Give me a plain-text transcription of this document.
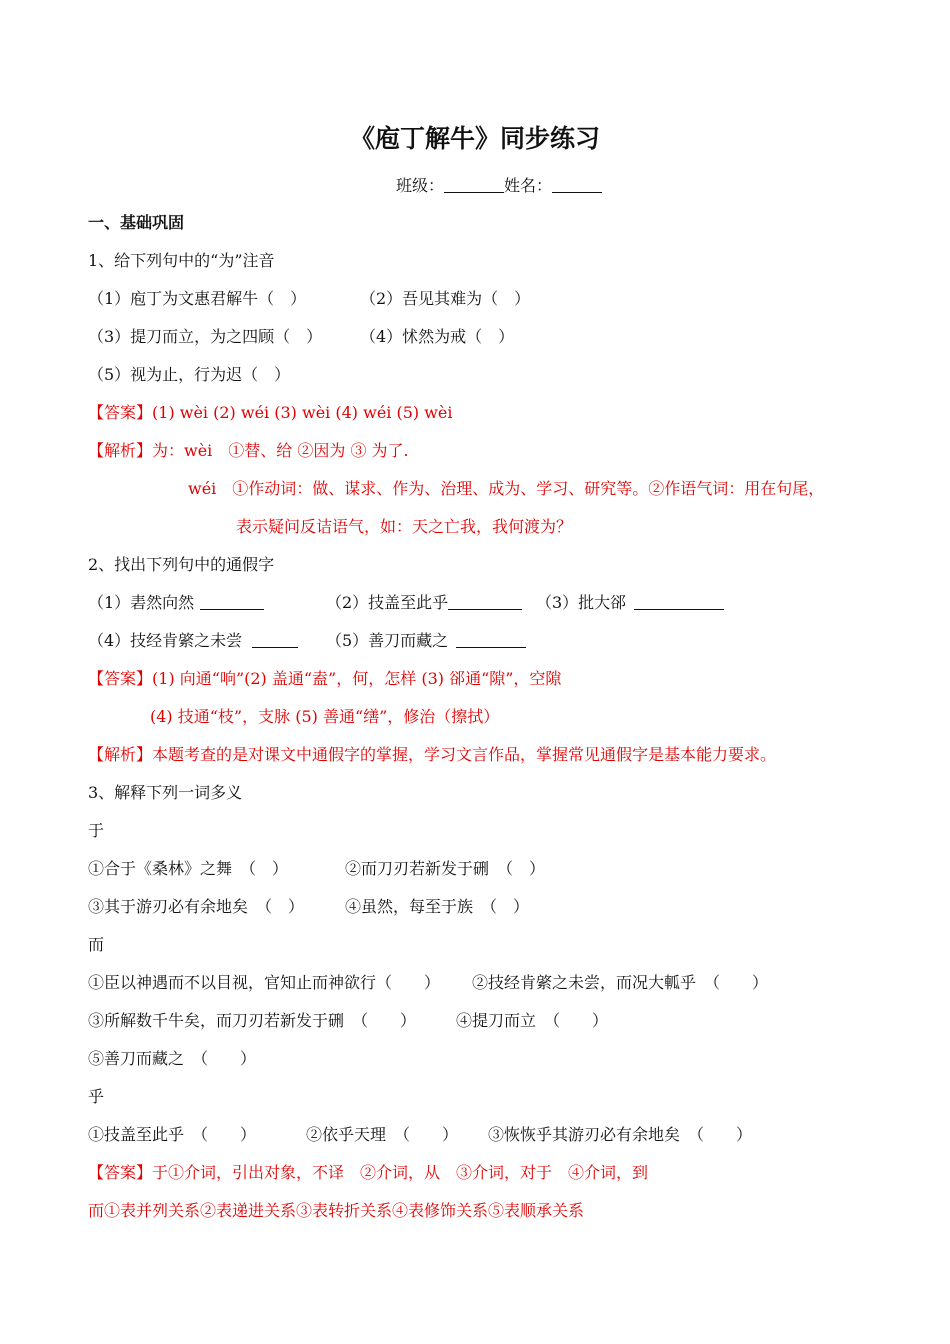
《庖丁解牛》同步练习
班级：	姓名：
一、基础巩固
1、给下列句中的“为”注音
（1）庖丁为文惠君解牛（　）	（2）吾见其难为（　）
（3）提刀而立，为之四顾（　） （4）怵然为戒（　）
（5）视为止，行为迟（　）
【答案】(1) wèi (2) wéi (3) wèi (4) wéi (5) wèi
【解析】为：wèi　①替、给 ②因为 ③ 为了.
wéi　①作动词：做、谋求、作为、治理、成为、学习、研究等。②作语气词：用在句尾，
表示疑问反诘语气，如：天之亡我，我何渡为？
2、找出下列句中的通假字
（1）砉然向然	（2）技盖至此乎	（3）批大郤
（4）技经肯綮之未尝	（5）善刀而藏之
【答案】(1) 向通“响”(2) 盖通“盍”，何，怎样 (3) 郤通“隙”，空隙
(4) 技通“枝”，支脉 (5) 善通“缮”，修治（擦拭）
【解析】本题考查的是对课文中通假字的掌握，学习文言作品，掌握常见通假字是基本能力要求。
3、解释下列一词多义
于
①合于《桑林》之舞　（　）	②而刀刃若新发于硎　（　）
③其于游刃必有余地矣　（　）	④虽然，每至于族　（　）
而
①臣以神遇而不以目视，官知止而神欲行（　　） ②技经肯綮之未尝，而况大軱乎　（　　）
③所解数千牛矣，而刀刃若新发于硎　（　　） ④提刀而立　（　　）
⑤善刀而藏之　（　　）
乎
①技盖至此乎　（　　）	②依乎天理　（　　） ③恢恢乎其游刃必有余地矣　（　　）
【答案】于①介词，引出对象，不译　②介词，从　③介词，对于　④介词，到
而①表并列关系②表递进关系③表转折关系④表修饰关系⑤表顺承关系
